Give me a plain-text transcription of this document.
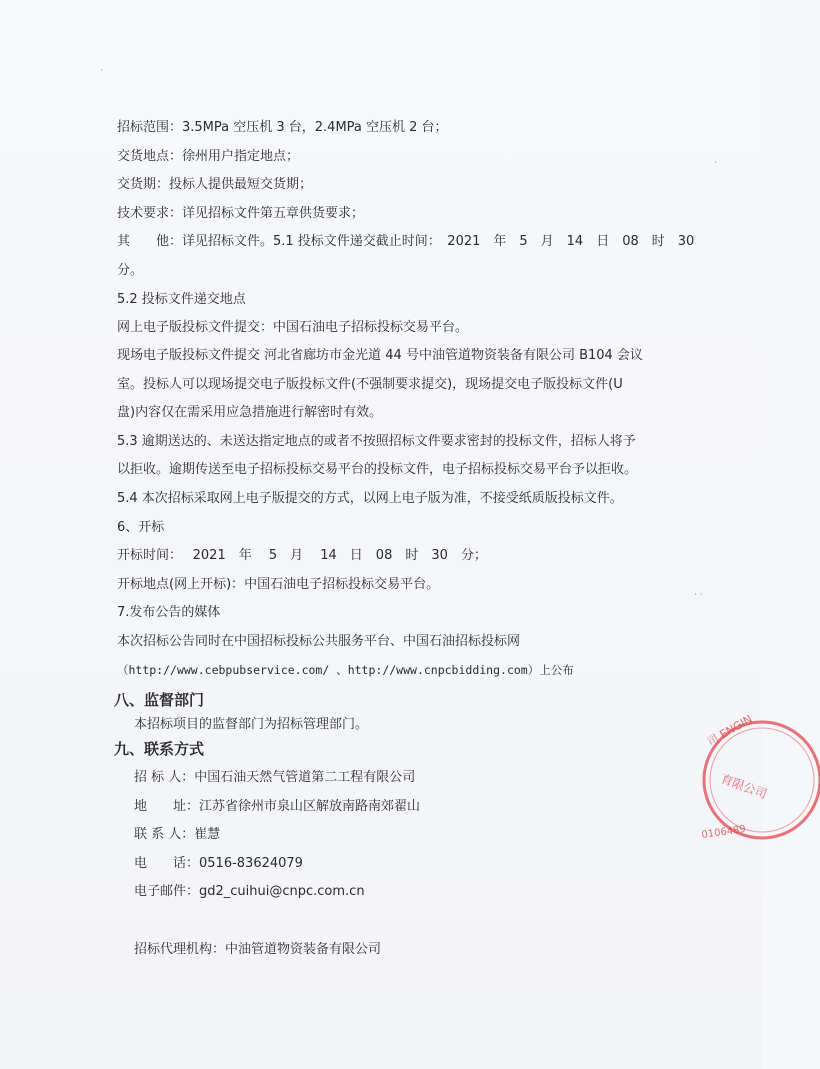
招标范围：3.5MPa 空压机 3 台，2.4MPa 空压机 2 台；
交货地点：徐州用户指定地点；
交货期：投标人提供最短交货期；
技术要求：详见招标文件第五章供货要求；
其　　他：详见招标文件。5.1 投标文件递交截止时间：　2021　年　5　月　14　日　08　时　30
分。
5.2 投标文件递交地点
网上电子版投标文件提交：中国石油电子招标投标交易平台。
现场电子版投标文件提交 河北省廊坊市金光道 44 号中油管道物资装备有限公司 B104 会议
室。投标人可以现场提交电子版投标文件(不强制要求提交)，现场提交电子版投标文件(U
盘)内容仅在需采用应急措施进行解密时有效。
5.3 逾期送达的、未送达指定地点的或者不按照招标文件要求密封的投标文件，招标人将予
以拒收。逾期传送至电子招标投标交易平台的投标文件，电子招标投标交易平台予以拒收。
5.4 本次招标采取网上电子版提交的方式，以网上电子版为准，不接受纸质版投标文件。
6、开标
开标时间：　 2021　年　 5　月　 14　日　08　时　30　分；
开标地点(网上开标)：中国石油电子招标投标交易平台。
7.发布公告的媒体
本次招标公告同时在中国招标投标公共服务平台、中国石油招标投标网
（http://www.cebpubservice.com/ 、http://www.cnpcbidding.com）上公布
八、监督部门
本招标项目的监督部门为招标管理部门。
九、联系方式
招 标 人：中国石油天然气管道第二工程有限公司
地　　址：江苏省徐州市泉山区解放南路南郊翟山
联 系 人：崔慧
电　　话：0516-83624079
电子邮件：gd2_cuihui@cnpc.com.cn
招标代理机构：中油管道物资装备有限公司
·
·
· ·
司 ENGIN
育限公司
0106489
